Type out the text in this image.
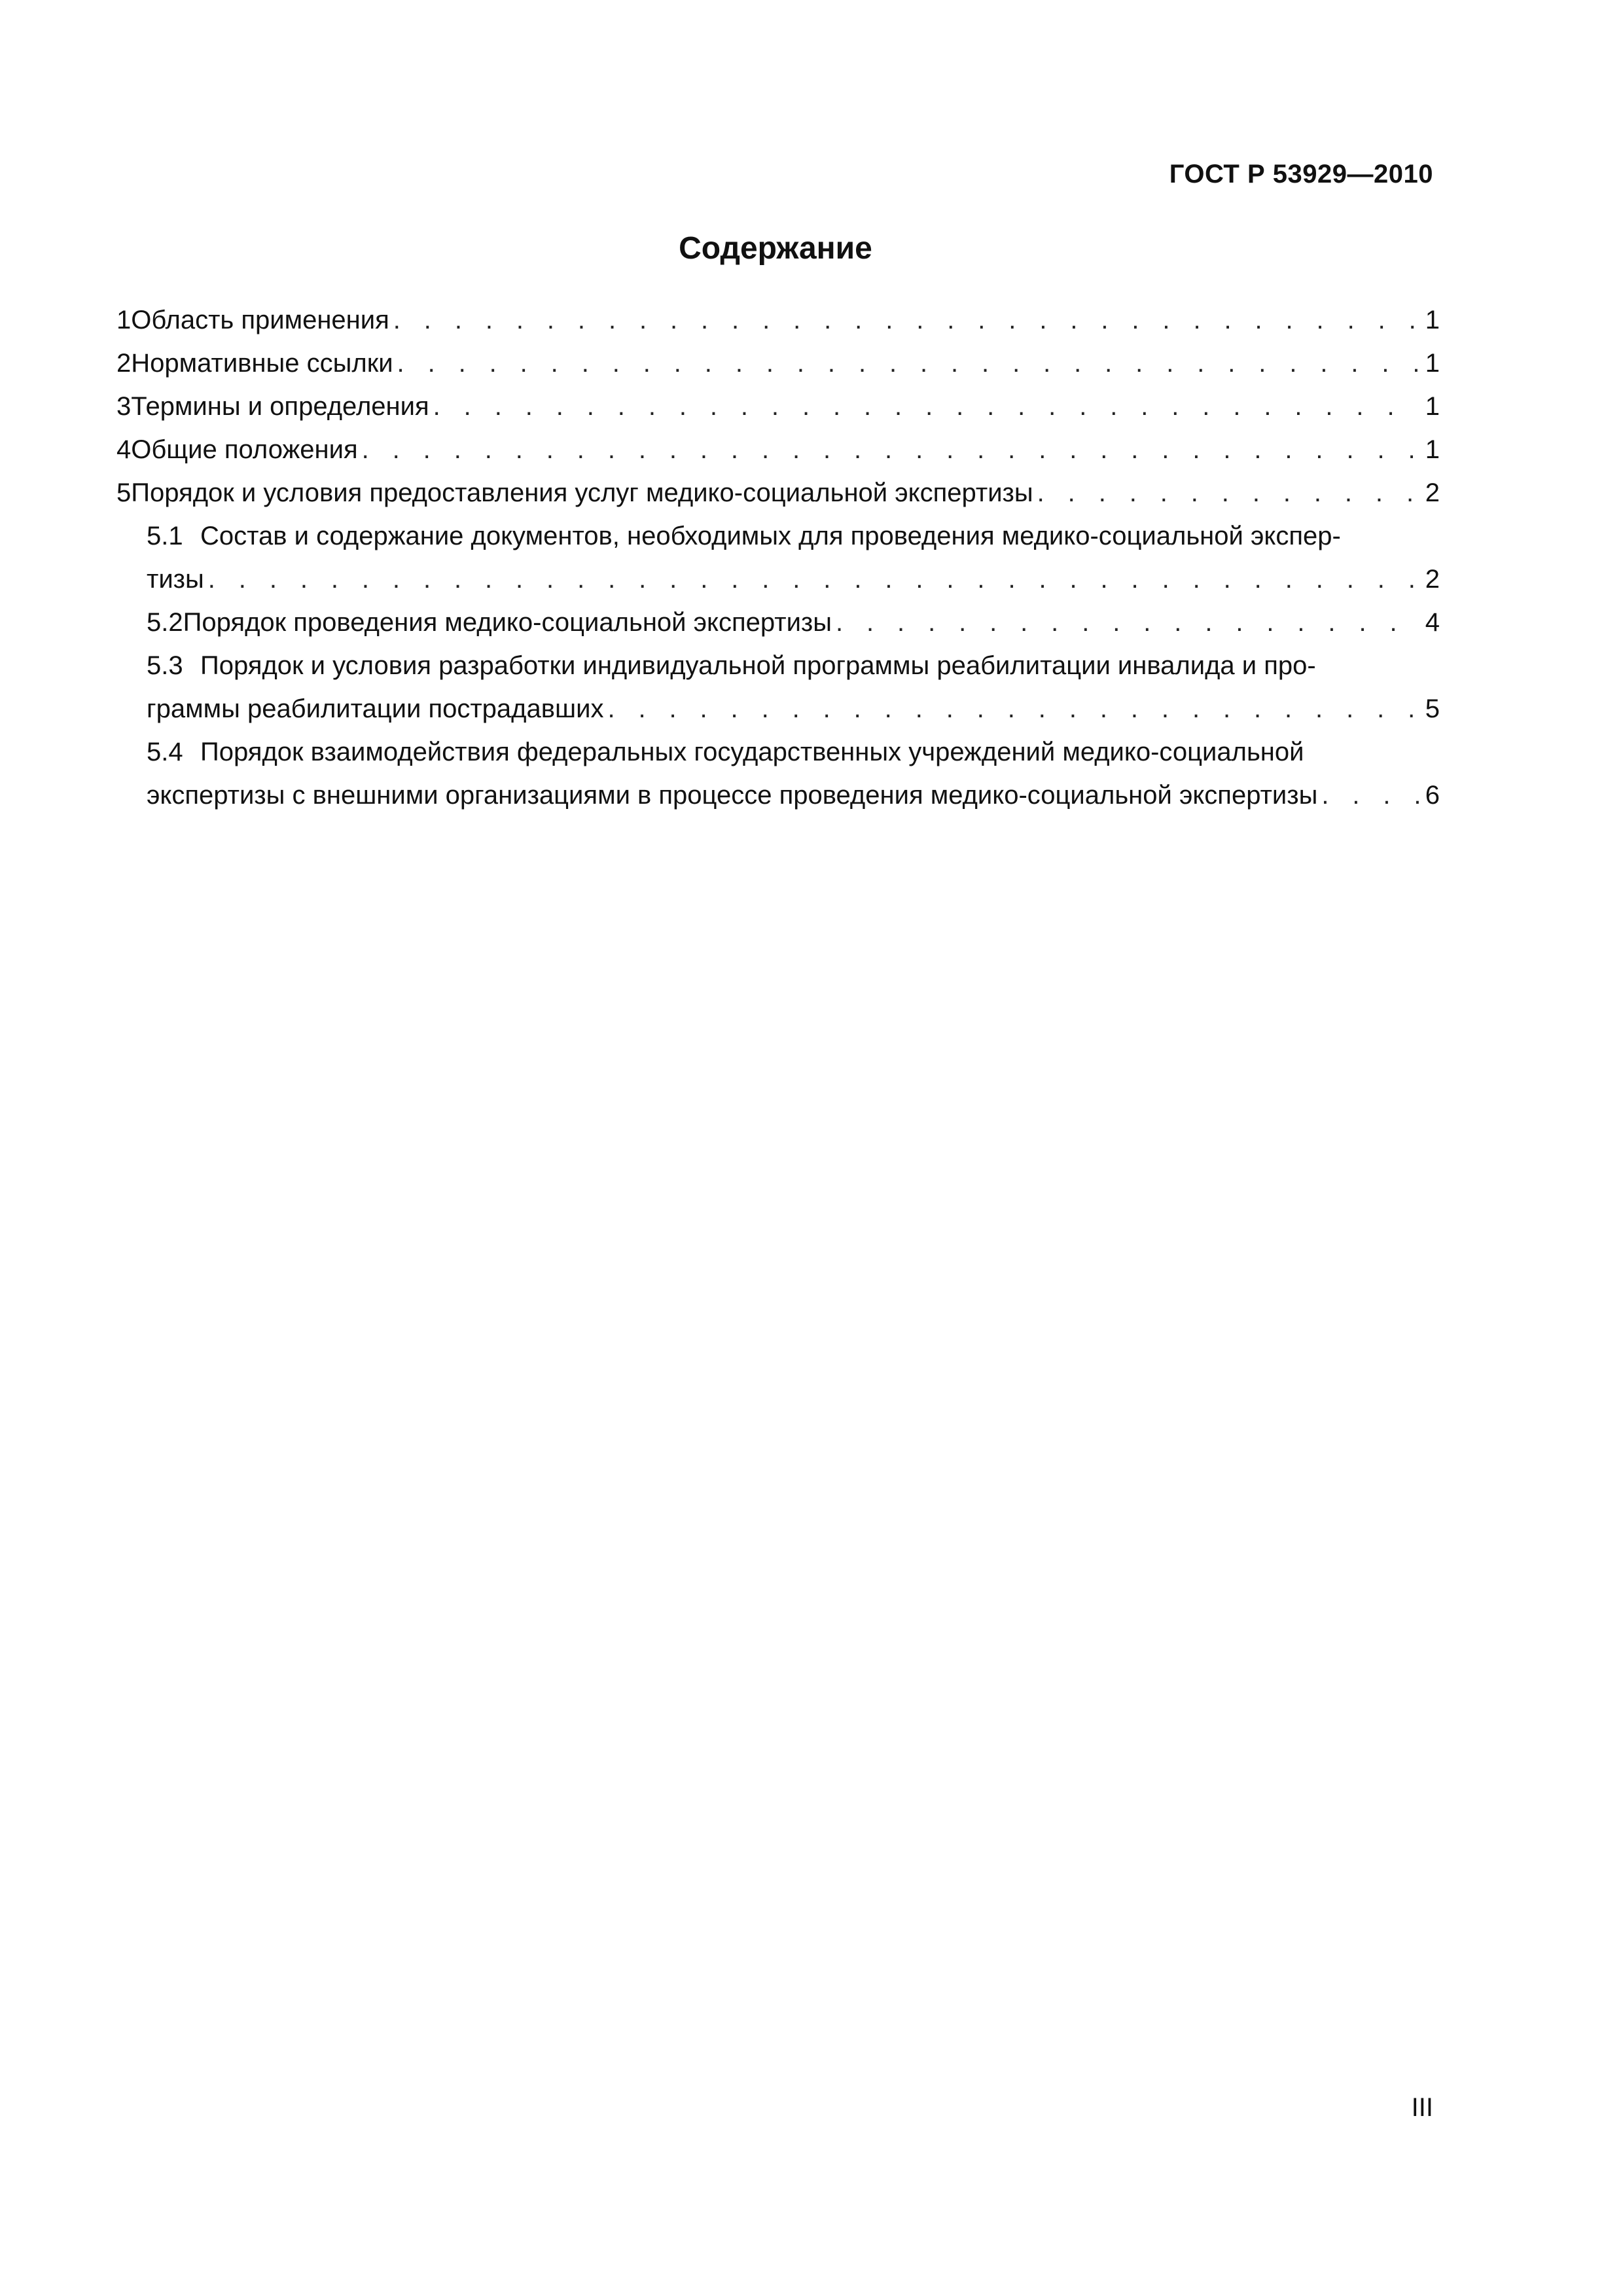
ГОСТ Р 53929—2010
Содержание
1 Область применения . . .	1
2 Нормативные ссылки . . .	1
3 Термины и определения . . .	1
4 Общие положения . . .	1
5 Порядок и условия предоставления услуг медико-социальной экспертизы . . .	2
5.1 Состав и содержание документов, необходимых для проведения медико-социальной экспер-
тизы . . .	2
5.2 Порядок проведения медико-социальной экспертизы . . .	4
5.3 Порядок и условия разработки индивидуальной программы реабилитации инвалида и про-
граммы реабилитации пострадавших . . .	5
5.4 Порядок взаимодействия федеральных государственных учреждений медико-социальной
экспертизы с внешними организациями в процессе проведения медико-социальной экспертизы . . .	6
III
